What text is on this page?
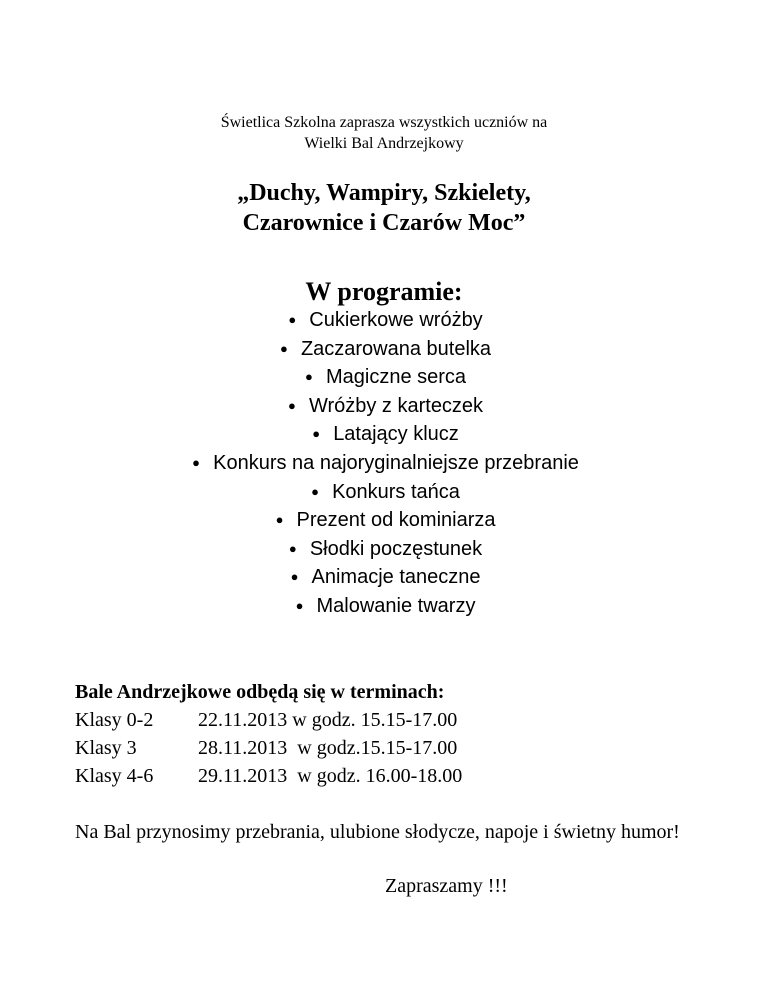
Świetlica Szkolna zaprasza wszystkich uczniów na
Wielki Bal Andrzejkowy
„Duchy, Wampiry, Szkielety,
Czarownice i Czarów Moc”
W programie:
● Cukierkowe wróżby
● Zaczarowana butelka
● Magiczne serca
● Wróżby z karteczek
● Latający klucz
● Konkurs na najoryginalniejsze przebranie
● Konkurs tańca
● Prezent od kominiarza
● Słodki poczęstunek
● Animacje taneczne
● Malowanie twarzy
Bale Andrzejkowe odbędą się w terminach:
Klasy 0-2 22.11.2013 w godz. 15.15-17.00
Klasy 3	28.11.2013  w godz.15.15-17.00
Klasy 4-6 29.11.2013  w godz. 16.00-18.00
Na Bal przynosimy przebrania, ulubione słodycze, napoje i świetny humor!
Zapraszamy !!!
